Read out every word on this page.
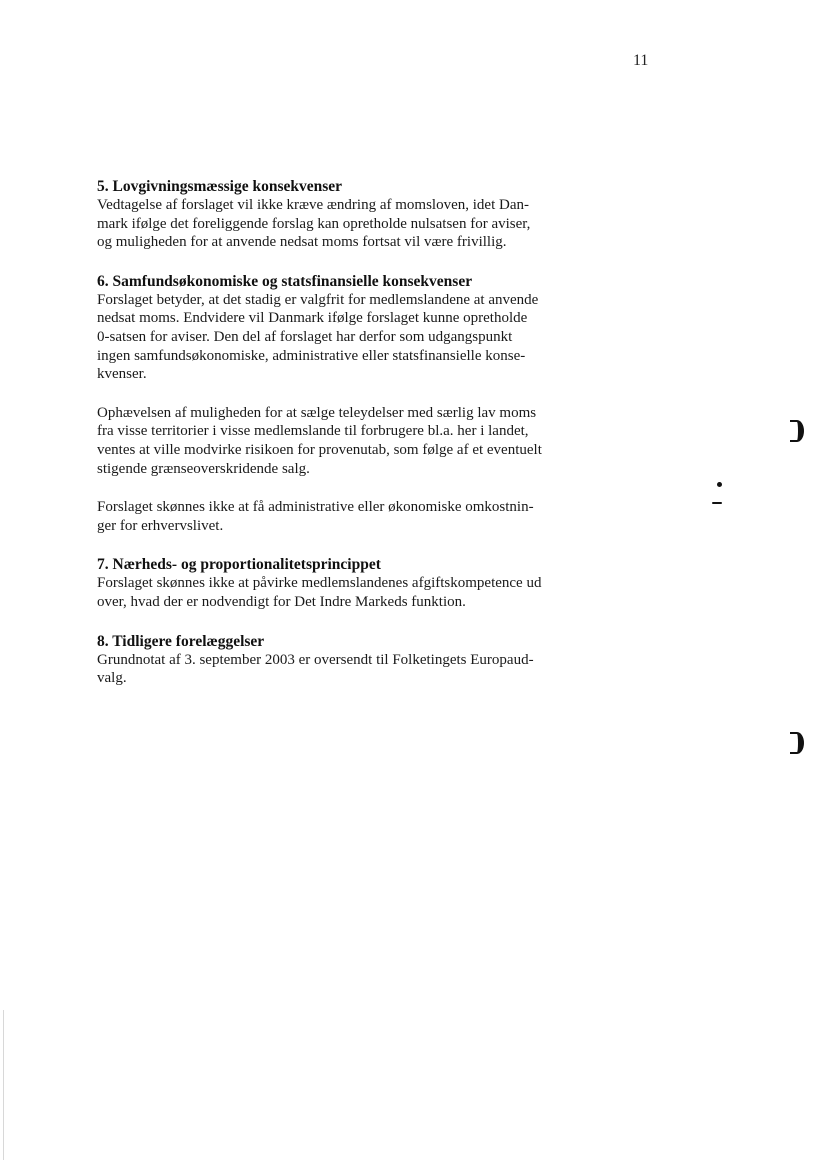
11
5. Lovgivningsmæssige konsekvenser

Vedtagelse af forslaget vil ikke kræve ændring af momsloven, idet Dan-
mark ifølge det foreliggende forslag kan opretholde nulsatsen for aviser,
og muligheden for at anvende nedsat moms fortsat vil være frivillig.

6. Samfundsøkonomiske og statsfinansielle konsekvenser

Forslaget betyder, at det stadig er valgfrit for medlemslandene at anvende
nedsat moms. Endvidere vil Danmark ifølge forslaget kunne opretholde
0-satsen for aviser. Den del af forslaget har derfor som udgangspunkt
ingen samfundsøkonomiske, administrative eller statsfinansielle konse-
kvenser.

Ophævelsen af muligheden for at sælge teleydelser med særlig lav moms
fra visse territorier i visse medlemslande til forbrugere bl.a. her i landet,
ventes at ville modvirke risikoen for provenutab, som følge af et eventuelt
stigende grænseoverskridende salg.

Forslaget skønnes ikke at få administrative eller økonomiske omkostnin-
ger for erhvervslivet.

7. Nærheds- og proportionalitetsprincippet

Forslaget skønnes ikke at påvirke medlemslandenes afgiftskompetence ud
over, hvad der er nodvendigt for Det Indre Markeds funktion.

8. Tidligere forelæggelser

Grundnotat af 3. september 2003 er oversendt til Folketingets Europaud-
valg.
